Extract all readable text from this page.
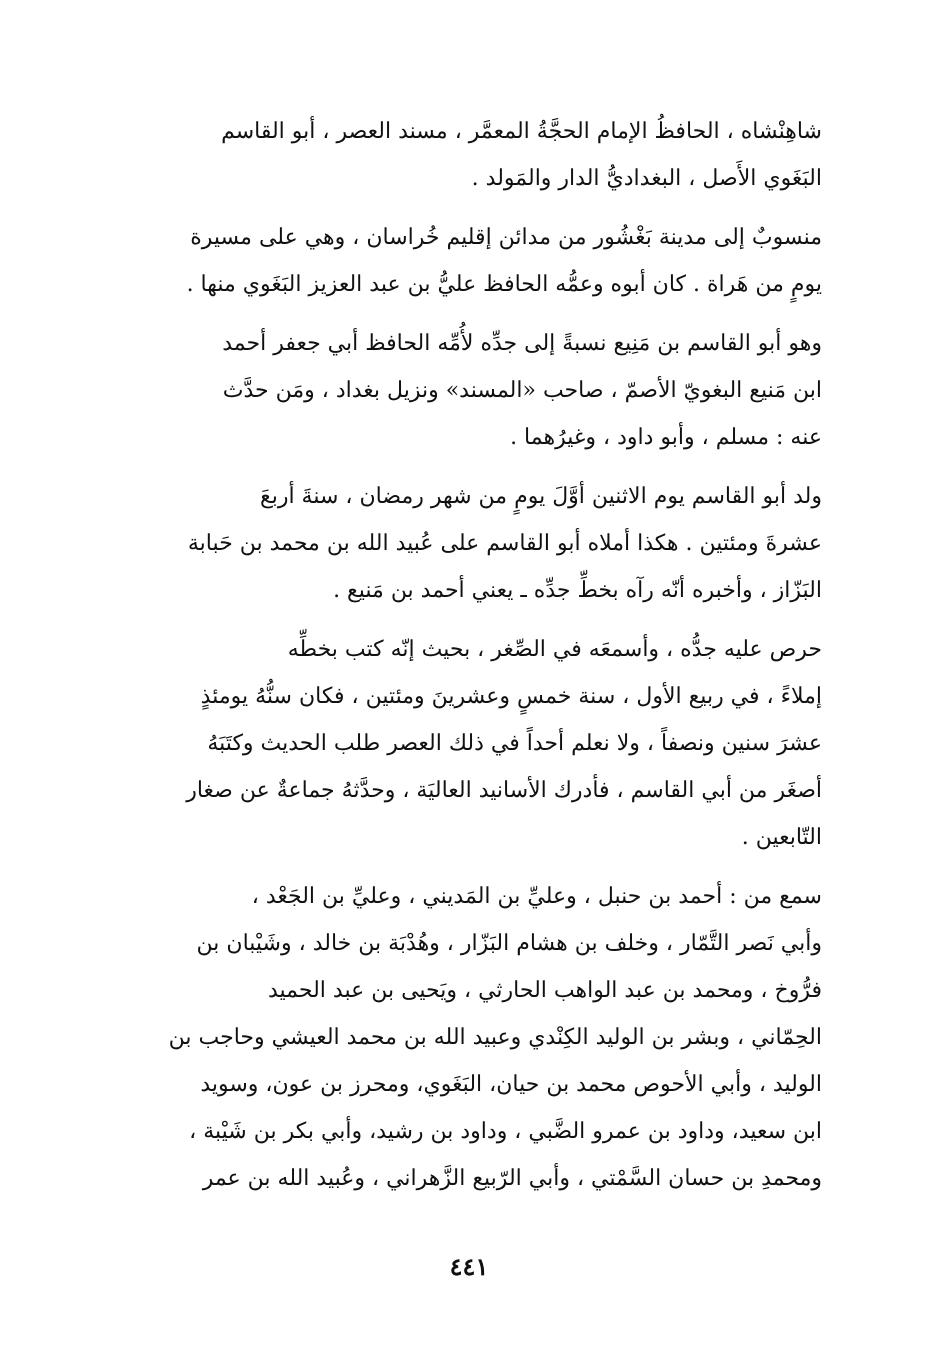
شاهِنْشاه ، الحافظُ الإمام الحجَّةُ المعمَّر ، مسند العصر ، أبو القاسم
البَغَوي الأَصل ، البغداديُّ الدار والمَولد .
منسوبٌ إلى مدينة بَغْشُور من مدائن إقليم خُراسان ، وهي على مسيرة
يومٍ من هَراة . كان أبوه وعمُّه الحافظ عليُّ بن عبد العزيز البَغَوي منها .
وهو أبو القاسم بن مَنِيع نسبةً إلى جدِّه لأُمِّه الحافظ أبي جعفر أحمد
ابن مَنيع البغويّ الأصمّ ، صاحب «المسند» ونزيل بغداد ، ومَن حدَّث
عنه : مسلم ، وأبو داود ، وغيرُهما .
ولد أبو القاسم يوم الاثنين أوَّلَ يومٍ من شهر رمضان ، سنةَ أربعَ
عشرةَ ومئتين . هكذا أملاه أبو القاسم على عُبيد الله بن محمد بن حَبابة
البَزّاز ، وأخبره أنّه رآه بخطِّ جدِّه ـ يعني أحمد بن مَنيع .
حرص عليه جدُّه ، وأسمعَه في الصِّغر ، بحيث إنّه كتب بخطِّه
إملاءً ، في ربيع الأول ، سنة خمسٍ وعشرينَ ومئتين ، فكان سنُّهُ يومئذٍ
عشرَ سنين ونصفاً ، ولا نعلم أحداً في ذلك العصر طلب الحديث وكتَبَهُ
أصغَر من أبي القاسم ، فأدرك الأسانيد العاليَة ، وحدَّثهُ جماعةٌ عن صغار
التّابعين .
سمع من : أحمد بن حنبل ، وعليِّ بن المَديني ، وعليِّ بن الجَعْد ،
وأبي نَصر التَّمّار ، وخلف بن هشام البَزّار ، وهُدْبَة بن خالد ، وشَيْبان بن
فرُّوخ ، ومحمد بن عبد الواهب الحارثي ، ويَحيى بن عبد الحميد
الحِمّاني ، وبشر بن الوليد الكِنْدي وعبيد الله بن محمد العيشي وحاجب بن
الوليد ، وأبي الأحوص محمد بن حيان، البَغَوي، ومحرز بن عون، وسويد
ابن سعيد، وداود بن عمرو الضَّبي ، وداود بن رشيد، وأبي بكر بن شَيْبة ،
ومحمدِ بن حسان السَّمْتي ، وأبي الرّبيع الزَّهراني ، وعُبيد الله بن عمر
٤٤١
